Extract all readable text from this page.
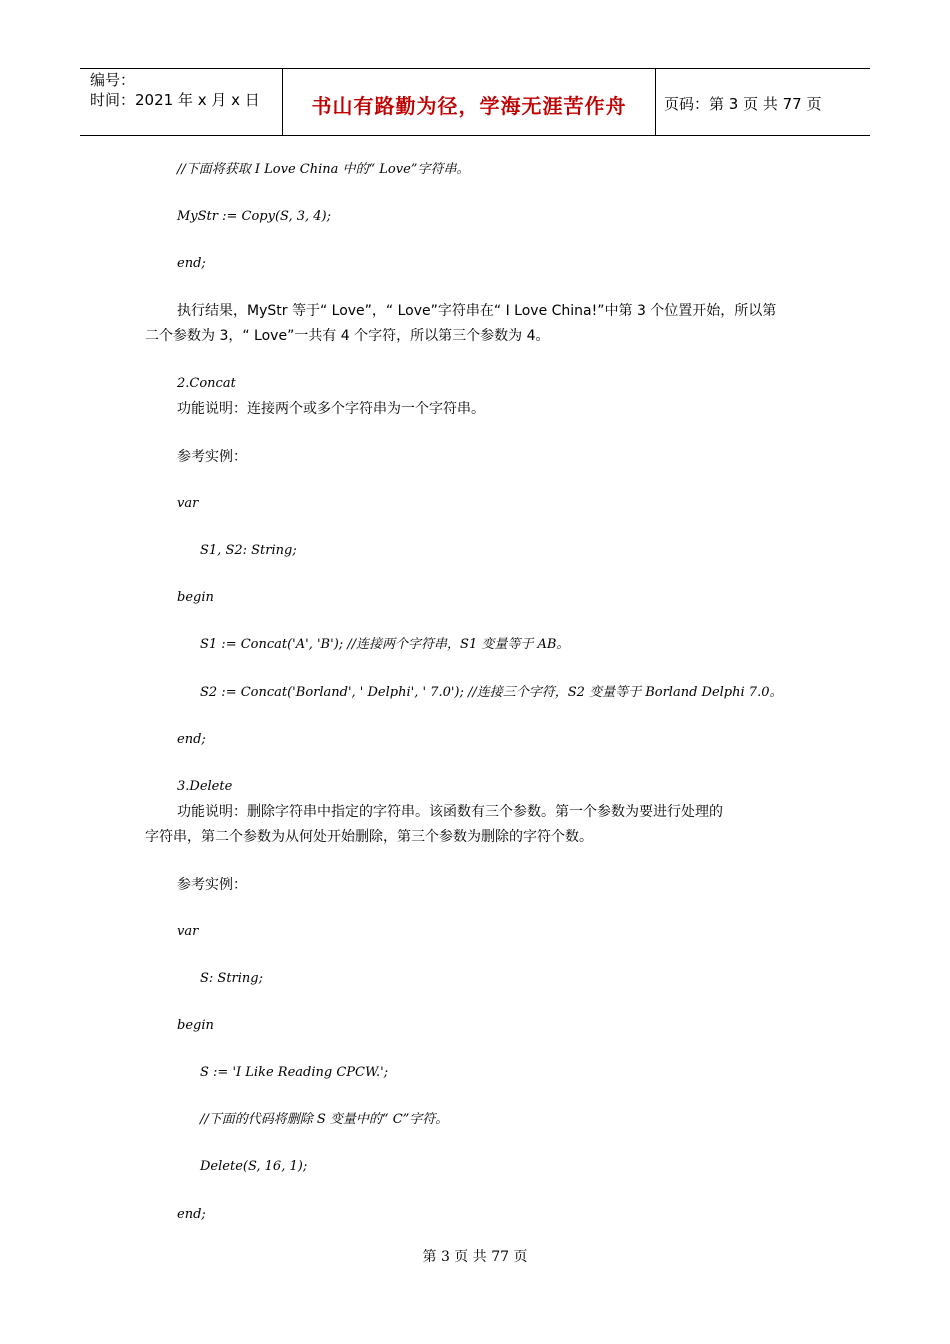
编号：
时间：2021 年 x 月 x 日	书山有路勤为径，学海无涯苦作舟	页码：第 3 页 共 77 页
//下面将获取 I Love China 中的“ Love”字符串。
MyStr := Copy(S, 3, 4);
end;
执行结果，MyStr 等于“ Love”，“ Love”字符串在“ I Love China!”中第 3 个位置开始，所以第
二个参数为 3，“ Love”一共有 4 个字符，所以第三个参数为 4。
2.Concat
功能说明：连接两个或多个字符串为一个字符串。
参考实例：
var
S1, S2: String;
begin
S1 := Concat('A', 'B'); //连接两个字符串，S1 变量等于 AB。
S2 := Concat('Borland', ' Delphi', ' 7.0'); //连接三个字符，S2 变量等于 Borland Delphi 7.0。
end;
3.Delete
功能说明：删除字符串中指定的字符串。该函数有三个参数。第一个参数为要进行处理的
字符串，第二个参数为从何处开始删除，第三个参数为删除的字符个数。
参考实例：
var
S: String;
begin
S := 'I Like Reading CPCW.';
//下面的代码将删除 S 变量中的“ C”字符。
Delete(S, 16, 1);
end;
第 3 页 共 77 页
